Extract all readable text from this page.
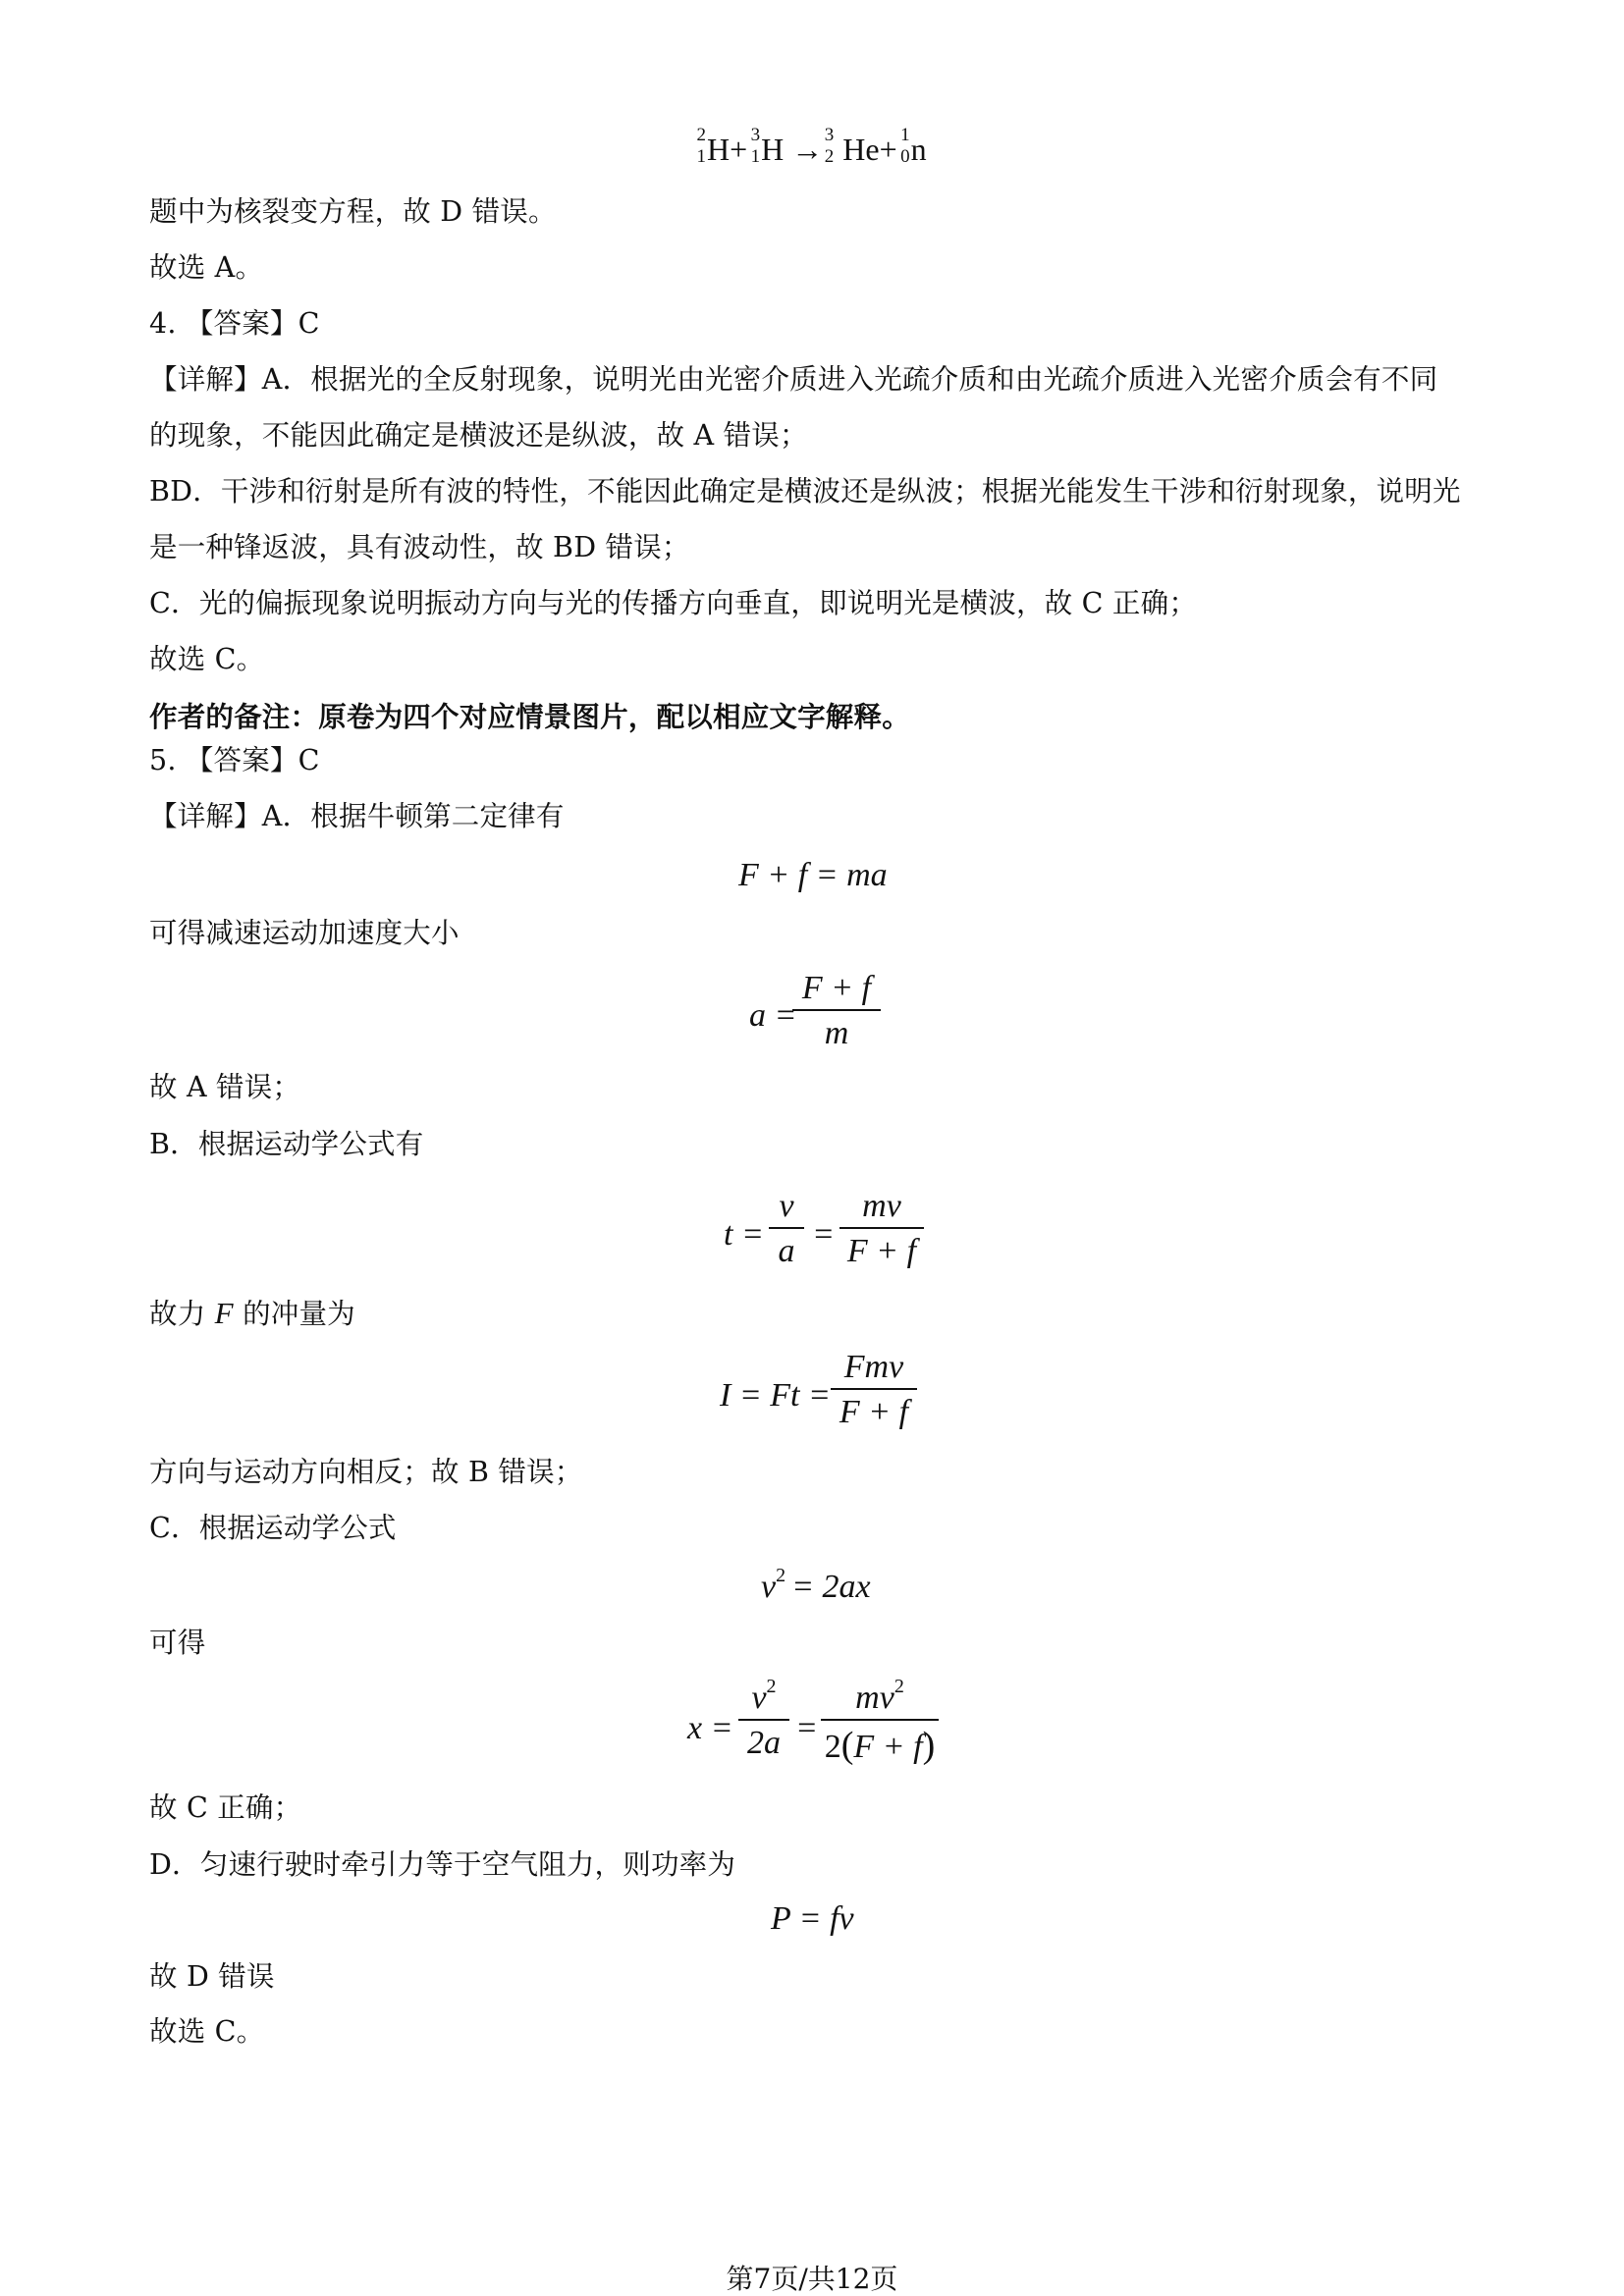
2
1 H+ 3
1 H → 3
2 He+ 1
0 n
题中为核裂变方程，故 D 错误。
故选 A。
4. 【答案】C
【详解】A．根据光的全反射现象，说明光由光密介质进入光疏介质和由光疏介质进入光密介质会有不同
的现象，不能因此确定是横波还是纵波，故 A 错误；
BD．干涉和衍射是所有波的特性，不能因此确定是横波还是纵波；根据光能发生干涉和衍射现象，说明光
是一种锋返波，具有波动性，故 BD 错误；
C．光的偏振现象说明振动方向与光的传播方向垂直，即说明光是横波，故 C 正确；
故选 C。
作者的备注：原卷为四个对应情景图片，配以相应文字解释。
5. 【答案】C
【详解】A．根据牛顿第二定律有
F + f = ma
可得减速运动加速度大小
a =
F + f
m
故 A 错误；
B．根据运动学公式有
t =
v
a =
mv
F + f
故力 F 的冲量为
I = Ft =
Fmv
F + f
方向与运动方向相反；故 B 错误；
C．根据运动学公式
$v^2 = 2ax$
可得
x =
$v^2$
2a =
$mv^2$
2(F + f)
故 C 正确；
D．匀速行驶时牵引力等于空气阻力，则功率为
P = fv
故 D 错误
故选 C。
第7页/共12页
